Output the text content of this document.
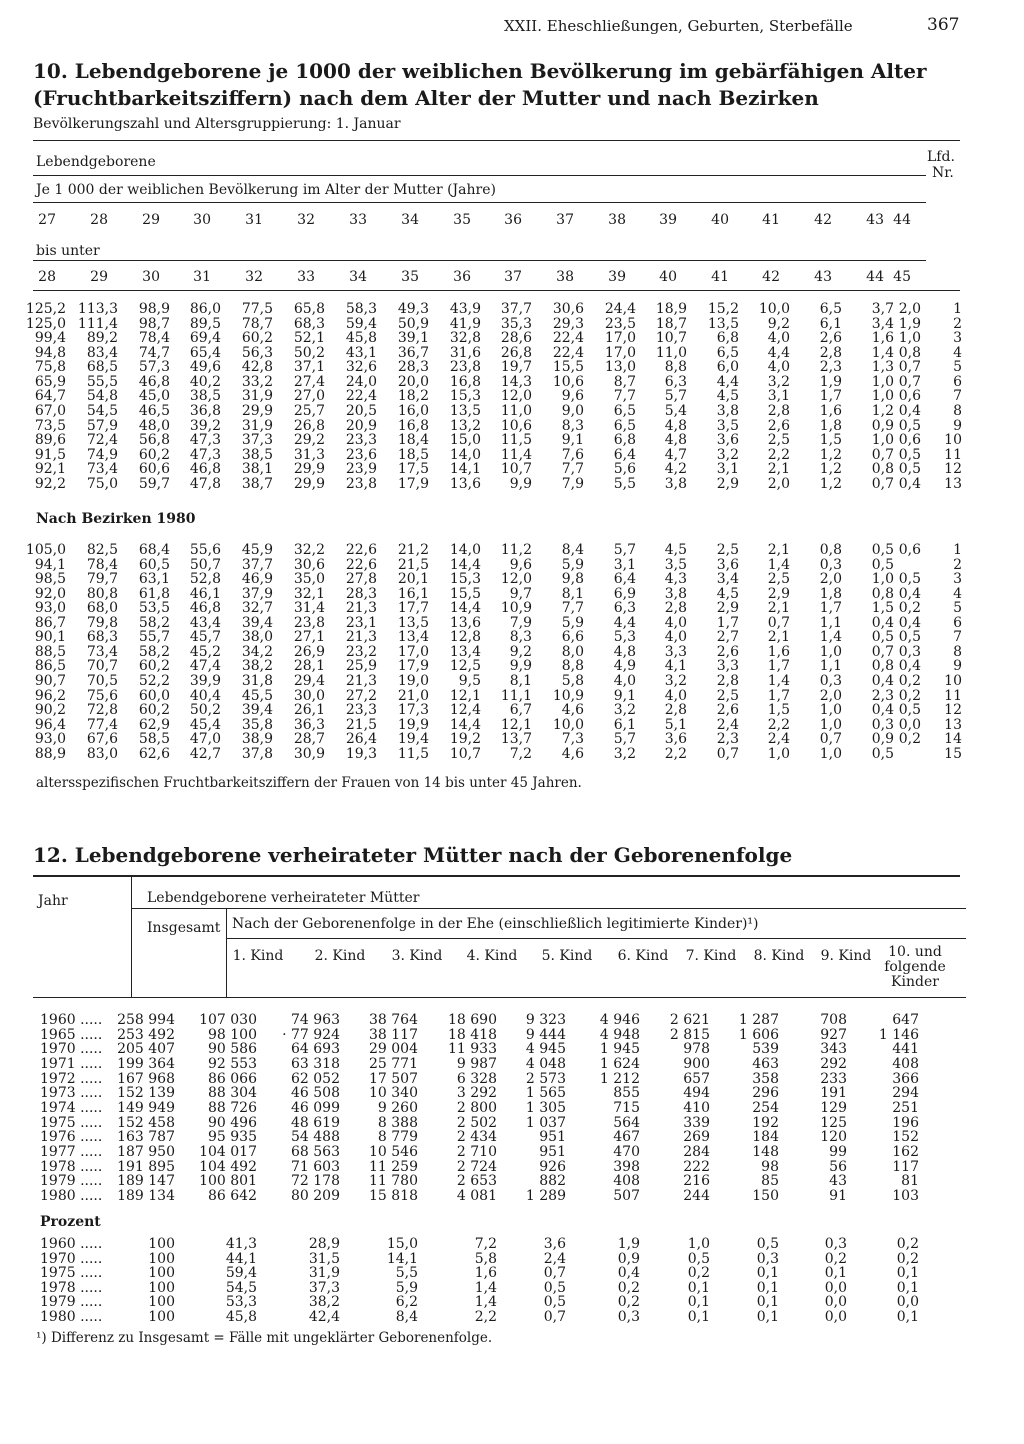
XXII. Eheschließungen, Geburten, Sterbefälle	367
10. Lebendgeborene je 1000 der weiblichen Bevölkerung im gebärfähigen Alter
(Fruchtbarkeitsziffern) nach dem Alter der Mutter und nach Bezirken
Bevölkerungszahl und Altersgruppierung: 1. Januar
Lebendgeborene	Lfd.
Nr.
Je 1 000 der weiblichen Bevölkerung im Alter der Mutter (Jahre)
27	28	29	30	31	32	33	34	35	36	37	38	39	40	41	42	43 44
bis unter
28	29	30	31	32	33	34	35	36	37	38	39	40	41	42	43	44 45
125,2 113,3	98,9	86,0	77,5	65,8	58,3	49,3	43,9	37,7	30,6	24,4	18,9	15,2	10,0	6,5	3,7 2,0	1
125,0 111,4	98,7	89,5	78,7	68,3	59,4	50,9	41,9	35,3	29,3	23,5	18,7	13,5	9,2	6,1	3,4 1,9	2
99,4	89,2	78,4	69,4	60,2	52,1	45,8	39,1	32,8	28,6	22,4	17,0	10,7	6,8	4,0	2,6	1,6 1,0	3
94,8	83,4	74,7	65,4	56,3	50,2	43,1	36,7	31,6	26,8	22,4	17,0	11,0	6,5	4,4	2,8	1,4 0,8	4
75,8	68,5	57,3	49,6	42,8	37,1	32,6	28,3	23,8	19,7	15,5	13,0	8,8	6,0	4,0	2,3	1,3 0,7	5
65,9	55,5	46,8	40,2	33,2	27,4	24,0	20,0	16,8	14,3	10,6	8,7	6,3	4,4	3,2	1,9	1,0 0,7	6
64,7	54,8	45,0	38,5	31,9	27,0	22,4	18,2	15,3	12,0	9,6	7,7	5,7	4,5	3,1	1,7	1,0 0,6	7
67,0	54,5	46,5	36,8	29,9	25,7	20,5	16,0	13,5	11,0	9,0	6,5	5,4	3,8	2,8	1,6	1,2 0,4	8
73,5	57,9	48,0	39,2	31,9	26,8	20,9	16,8	13,2	10,6	8,3	6,5	4,8	3,5	2,6	1,8	0,9 0,5	9
89,6	72,4	56,8	47,3	37,3	29,2	23,3	18,4	15,0	11,5	9,1	6,8	4,8	3,6	2,5	1,5	1,0 0,6	10
91,5	74,9	60,2	47,3	38,5	31,3	23,6	18,5	14,0	11,4	7,6	6,4	4,7	3,2	2,2	1,2	0,7 0,5	11
92,1	73,4	60,6	46,8	38,1	29,9	23,9	17,5	14,1	10,7	7,7	5,6	4,2	3,1	2,1	1,2	0,8 0,5	12
92,2	75,0	59,7	47,8	38,7	29,9	23,8	17,9	13,6	9,9	7,9	5,5	3,8	2,9	2,0	1,2	0,7 0,4	13
Nach Bezirken 1980
105,0	82,5	68,4	55,6	45,9	32,2	22,6	21,2	14,0	11,2	8,4	5,7	4,5	2,5	2,1	0,8	0,5 0,6	1
94,1	78,4	60,5	50,7	37,7	30,6	22,6	21,5	14,4	9,6	5,9	3,1	3,5	3,6	1,4	0,3	0,5	2
98,5	79,7	63,1	52,8	46,9	35,0	27,8	20,1	15,3	12,0	9,8	6,4	4,3	3,4	2,5	2,0	1,0 0,5	3
92,0	80,8	61,8	46,1	37,9	32,1	28,3	16,1	15,5	9,7	8,1	6,9	3,8	4,5	2,9	1,8	0,8 0,4	4
93,0	68,0	53,5	46,8	32,7	31,4	21,3	17,7	14,4	10,9	7,7	6,3	2,8	2,9	2,1	1,7	1,5 0,2	5
86,7	79,8	58,2	43,4	39,4	23,8	23,1	13,5	13,6	7,9	5,9	4,4	4,0	1,7	0,7	1,1	0,4 0,4	6
90,1	68,3	55,7	45,7	38,0	27,1	21,3	13,4	12,8	8,3	6,6	5,3	4,0	2,7	2,1	1,4	0,5 0,5	7
88,5	73,4	58,2	45,2	34,2	26,9	23,2	17,0	13,4	9,2	8,0	4,8	3,3	2,6	1,6	1,0	0,7 0,3	8
86,5	70,7	60,2	47,4	38,2	28,1	25,9	17,9	12,5	9,9	8,8	4,9	4,1	3,3	1,7	1,1	0,8 0,4	9
90,7	70,5	52,2	39,9	31,8	29,4	21,3	19,0	9,5	8,1	5,8	4,0	3,2	2,8	1,4	0,3	0,4 0,2	10
96,2	75,6	60,0	40,4	45,5	30,0	27,2	21,0	12,1	11,1	10,9	9,1	4,0	2,5	1,7	2,0	2,3 0,2	11
90,2	72,8	60,2	50,2	39,4	26,1	23,3	17,3	12,4	6,7	4,6	3,2	2,8	2,6	1,5	1,0	0,4 0,5	12
96,4	77,4	62,9	45,4	35,8	36,3	21,5	19,9	14,4	12,1	10,0	6,1	5,1	2,4	2,2	1,0	0,3 0,0	13
93,0	67,6	58,5	47,0	38,9	28,7	26,4	19,4	19,2	13,7	7,3	5,7	3,6	2,3	2,4	0,7	0,9 0,2	14
88,9	83,0	62,6	42,7	37,8	30,9	19,3	11,5	10,7	7,2	4,6	3,2	2,2	0,7	1,0	1,0	0,5	15
altersspezifischen Fruchtbarkeitsziffern der Frauen von 14 bis unter 45 Jahren.
12. Lebendgeborene verheirateter Mütter nach der Geborenenfolge
Jahr	Lebendgeborene verheirateter Mütter
Insgesamt Nach der Geborenenfolge in der Ehe (einschließlich legitimierte Kinder)¹)
1. Kind	2. Kind	3. Kind	4. Kind	5. Kind	6. Kind	7. Kind	8. Kind	9. Kind	10. und
folgende
Kinder
1960 .....	258 994	107 030	74 963	38 764	18 690	9 323	4 946	2 621	1 287	708	647
1965 .....	253 492	98 100	· 77 924	38 117	18 418	9 444	4 948	2 815	1 606	927	1 146
1970 .....	205 407	90 586	64 693	29 004	11 933	4 945	1 945	978	539	343	441
1971 .....	199 364	92 553	63 318	25 771	9 987	4 048	1 624	900	463	292	408
1972 .....	167 968	86 066	62 052	17 507	6 328	2 573	1 212	657	358	233	366
1973 .....	152 139	88 304	46 508	10 340	3 292	1 565	855	494	296	191	294
1974 .....	149 949	88 726	46 099	9 260	2 800	1 305	715	410	254	129	251
1975 .....	152 458	90 496	48 619	8 388	2 502	1 037	564	339	192	125	196
1976 .....	163 787	95 935	54 488	8 779	2 434	951	467	269	184	120	152
1977 .....	187 950	104 017	68 563	10 546	2 710	951	470	284	148	99	162
1978 .....	191 895	104 492	71 603	11 259	2 724	926	398	222	98	56	117
1979 .....	189 147	100 801	72 178	11 780	2 653	882	408	216	85	43	81
1980 .....	189 134	86 642	80 209	15 818	4 081	1 289	507	244	150	91	103
Prozent
1960 .....	100	41,3	28,9	15,0	7,2	3,6	1,9	1,0	0,5	0,3	0,2
1970 .....	100	44,1	31,5	14,1	5,8	2,4	0,9	0,5	0,3	0,2	0,2
1975 .....	100	59,4	31,9	5,5	1,6	0,7	0,4	0,2	0,1	0,1	0,1
1978 .....	100	54,5	37,3	5,9	1,4	0,5	0,2	0,1	0,1	0,0	0,1
1979 .....	100	53,3	38,2	6,2	1,4	0,5	0,2	0,1	0,1	0,0	0,0
1980 .....	100	45,8	42,4	8,4	2,2	0,7	0,3	0,1	0,1	0,0	0,1
¹) Differenz zu Insgesamt = Fälle mit ungeklärter Geborenenfolge.
